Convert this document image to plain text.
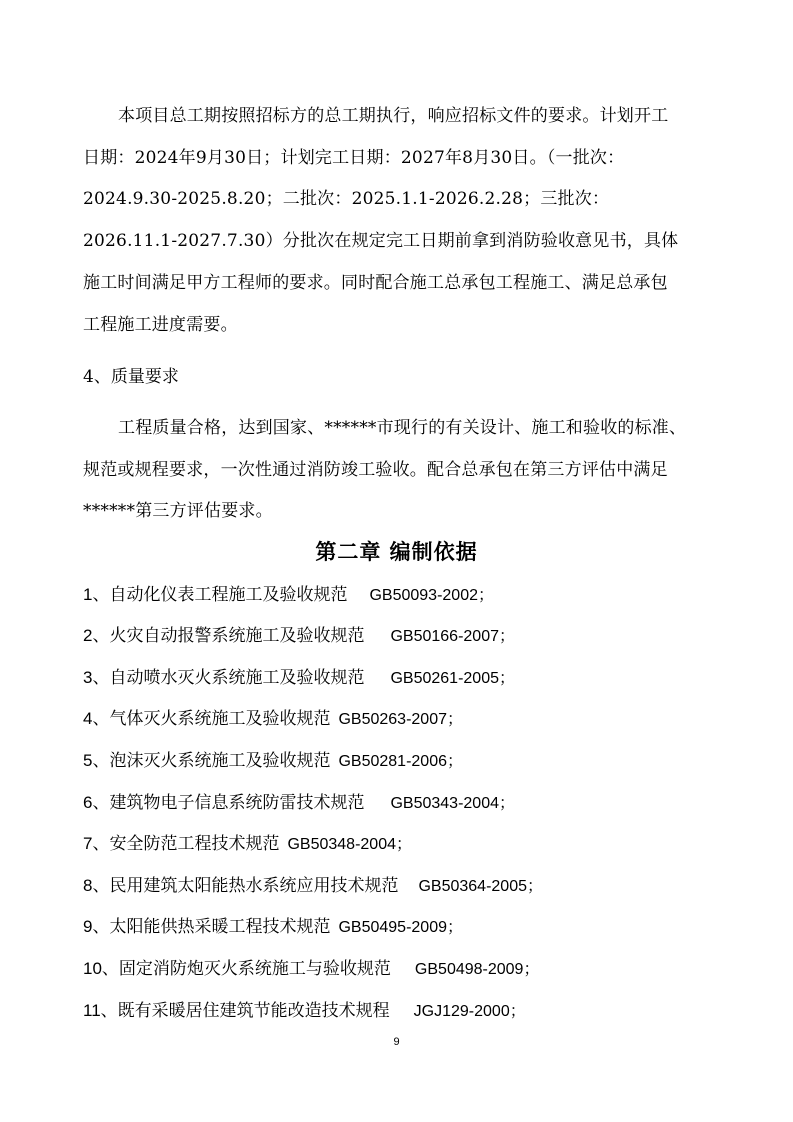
本项目总工期按照招标方的总工期执行，响应招标文件的要求。计划开工
日期：2024年9月30日；计划完工日期：2027年8月30日。（一批次：
2024.9.30-2025.8.20；二批次：2025.1.1-2026.2.28；三批次：
2026.11.1-2027.7.30）分批次在规定完工日期前拿到消防验收意见书，具体
施工时间满足甲方工程师的要求。同时配合施工总承包工程施工、满足总承包
工程施工进度需要。
4、质量要求
工程质量合格，达到国家、******市现行的有关设计、施工和验收的标准、
规范或规程要求，一次性通过消防竣工验收。配合总承包在第三方评估中满足
******第三方评估要求。
第二章 编制依据
1、自动化仪表工程施工及验收规范 GB50093-2002；
2、火灾自动报警系统施工及验收规范 GB50166-2007；
3、自动喷水灭火系统施工及验收规范 GB50261-2005；
4、气体灭火系统施工及验收规范 GB50263-2007；
5、泡沫灭火系统施工及验收规范 GB50281-2006；
6、建筑物电子信息系统防雷技术规范 GB50343-2004；
7、安全防范工程技术规范 GB50348-2004；
8、民用建筑太阳能热水系统应用技术规范 GB50364-2005；
9、太阳能供热采暖工程技术规范 GB50495-2009；
10、固定消防炮灭火系统施工与验收规范 GB50498-2009；
11、既有采暖居住建筑节能改造技术规程 JGJ129-2000；
9
